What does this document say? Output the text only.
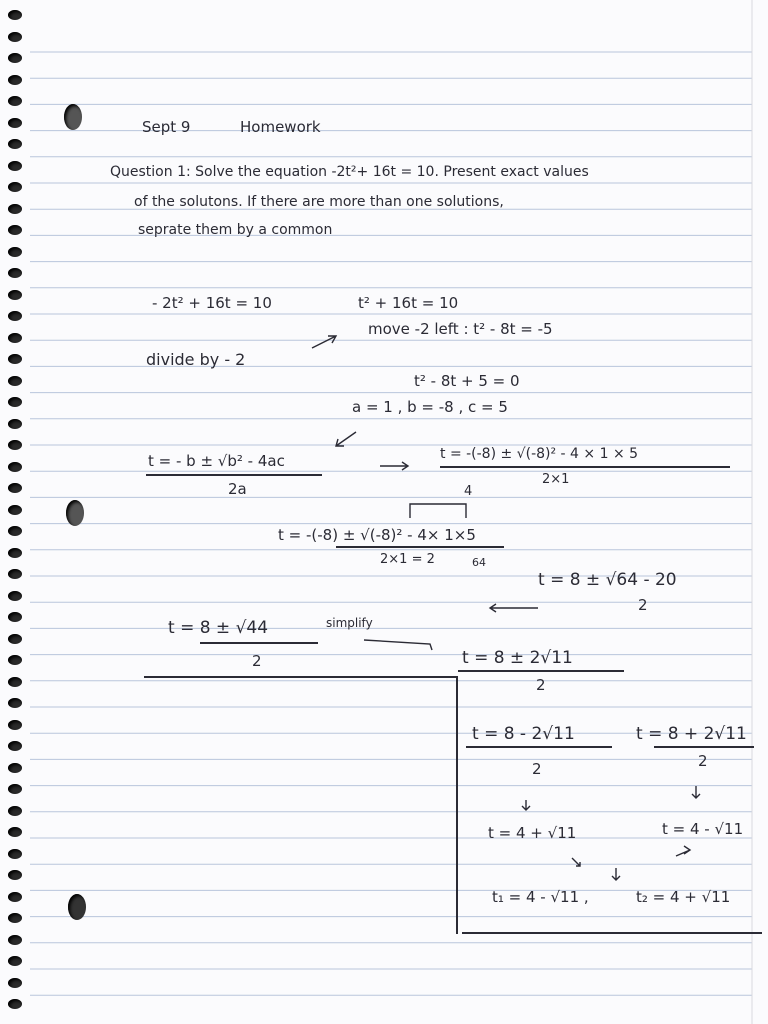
Sept 9	Homework
Question 1: Solve the equation -2t²+ 16t = 10. Present exact values
of the solutons. If there are more than one solutions,
seprate them by a common
- 2t² + 16t = 10	t² + 16t = 10
move -2 left : t² - 8t = -5
divide by - 2
t² - 8t + 5 = 0
a = 1 , b = -8 , c = 5
t = - b ± √b² - 4ac
2a
t = -(-8) ± √(-8)² - 4 × 1 × 5
2×1
4
t = -(-8) ± √(-8)² - 4× 1×5
2×1 = 2	64
t = 8 ± √64 - 20
2
t = 8 ± √44	simplify
2	t = 8 ± 2√11
2
t = 8 - 2√11
2
t = 8 + 2√11
2
t = 4 + √11	t = 4 - √11
t₁ = 4 - √11 ,	t₂ = 4 + √11
